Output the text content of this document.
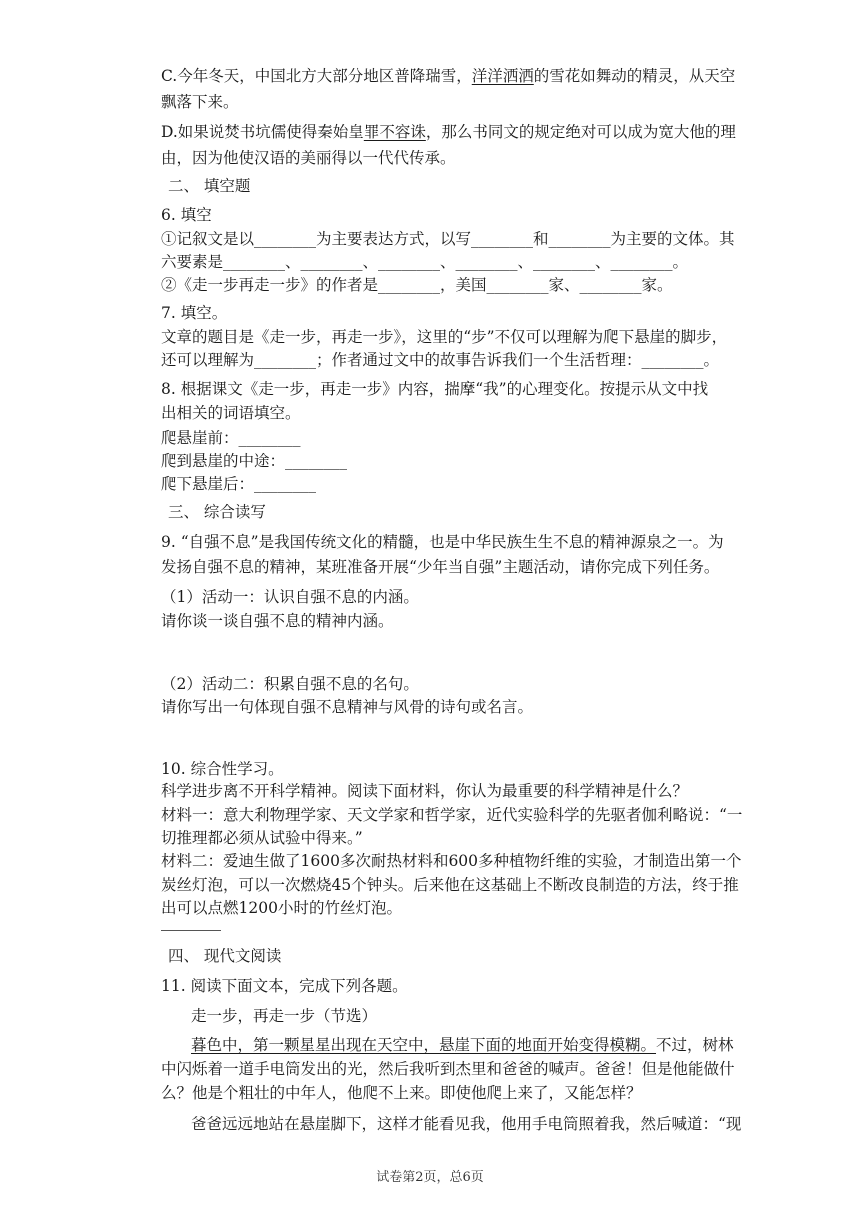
C.今年冬天，中国北方大部分地区普降瑞雪，洋洋洒洒的雪花如舞动的精灵，从天空
飘落下来。
D.如果说焚书坑儒使得秦始皇罪不容诛，那么书同文的规定绝对可以成为宽大他的理
由，因为他使汉语的美丽得以一代代传承。
二、 填空题
6. 填空
①记叙文是以________为主要表达方式，以写________和________为主要的文体。其
六要素是________、________、________、________、________、________。
②《走一步再走一步》的作者是________，美国________家、________家。
7. 填空。
文章的题目是《走一步，再走一步》，这里的“步”不仅可以理解为爬下悬崖的脚步，
还可以理解为________；作者通过文中的故事告诉我们一个生活哲理：________。
8. 根据课文《走一步，再走一步》内容，揣摩“我”的心理变化。按提示从文中找
出相关的词语填空。
爬悬崖前：________
爬到悬崖的中途：________
爬下悬崖后：________
三、 综合读写
9. “自强不息”是我国传统文化的精髓，也是中华民族生生不息的精神源泉之一。为
发扬自强不息的精神，某班准备开展“少年当自强”主题活动，请你完成下列任务。
（1）活动一：认识自强不息的内涵。
请你谈一谈自强不息的精神内涵。
（2）活动二：积累自强不息的名句。
请你写出一句体现自强不息精神与风骨的诗句或名言。
10. 综合性学习。
科学进步离不开科学精神。阅读下面材料，你认为最重要的科学精神是什么？
材料一：意大利物理学家、天文学家和哲学家，近代实验科学的先驱者伽利略说：“一
切推理都必须从试验中得来。”
材料二：爱迪生做了1600多次耐热材料和600多种植物纤维的实验，才制造出第一个
炭丝灯泡，可以一次燃烧45个钟头。后来他在这基础上不断改良制造的方法，终于推
出可以点燃1200小时的竹丝灯泡。
四、 现代文阅读
11. 阅读下面文本，完成下列各题。
走一步，再走一步（节选）
暮色中，第一颗星星出现在天空中，悬崖下面的地面开始变得模糊。不过，树林
中闪烁着一道手电筒发出的光，然后我听到杰里和爸爸的喊声。爸爸！但是他能做什
么？他是个粗壮的中年人，他爬不上来。即使他爬上来了，又能怎样？
爸爸远远地站在悬崖脚下，这样才能看见我，他用手电筒照着我，然后喊道：“现
试卷第2页，总6页
